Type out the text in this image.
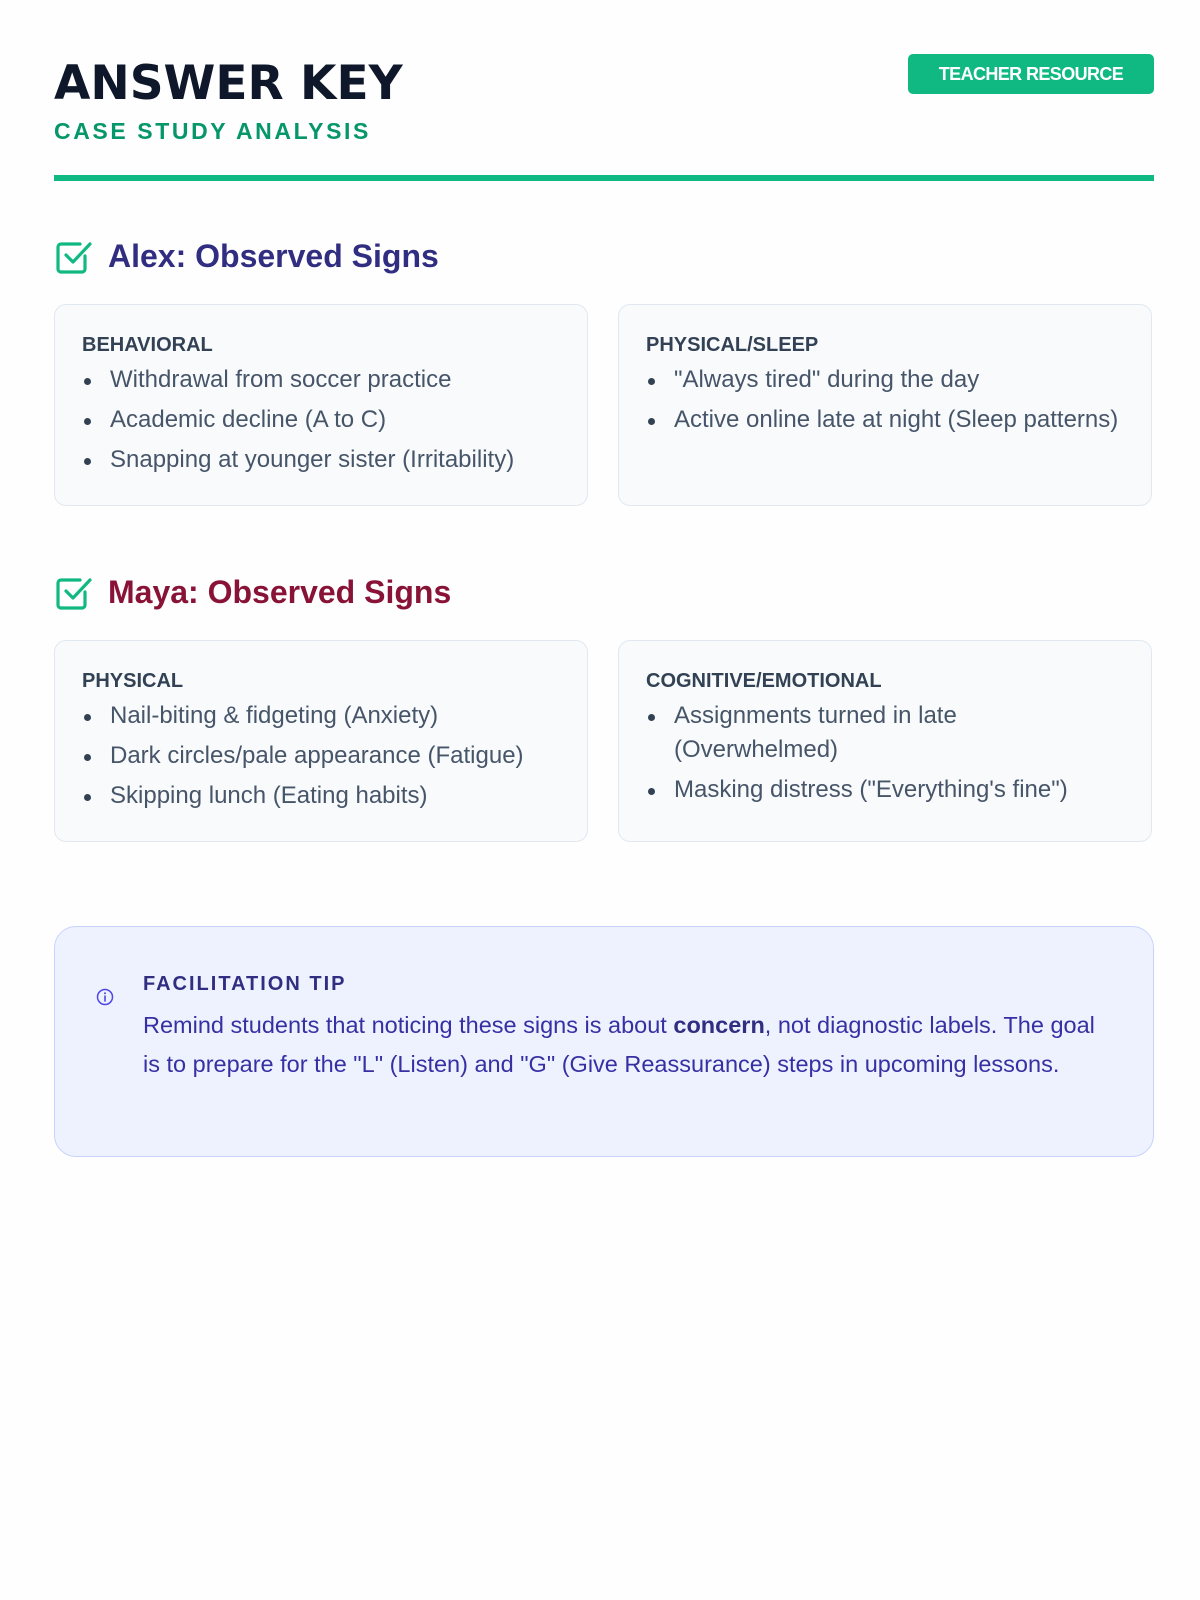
ANSWER KEY
CASE STUDY ANALYSIS
TEACHER RESOURCE
Alex: Observed Signs
BEHAVIORAL
Withdrawal from soccer practice
Academic decline (A to C)
Snapping at younger sister (Irritability)
PHYSICAL/SLEEP
"Always tired" during the day
Active online late at night (Sleep patterns)
Maya: Observed Signs
PHYSICAL
Nail-biting & fidgeting (Anxiety)
Dark circles/pale appearance (Fatigue)
Skipping lunch (Eating habits)
COGNITIVE/EMOTIONAL
Assignments turned in late (Overwhelmed)
Masking distress ("Everything's fine")
FACILITATION TIP
Remind students that noticing these signs is about concern, not diagnostic labels. The goal is to prepare for the "L" (Listen) and "G" (Give Reassurance) steps in upcoming lessons.
